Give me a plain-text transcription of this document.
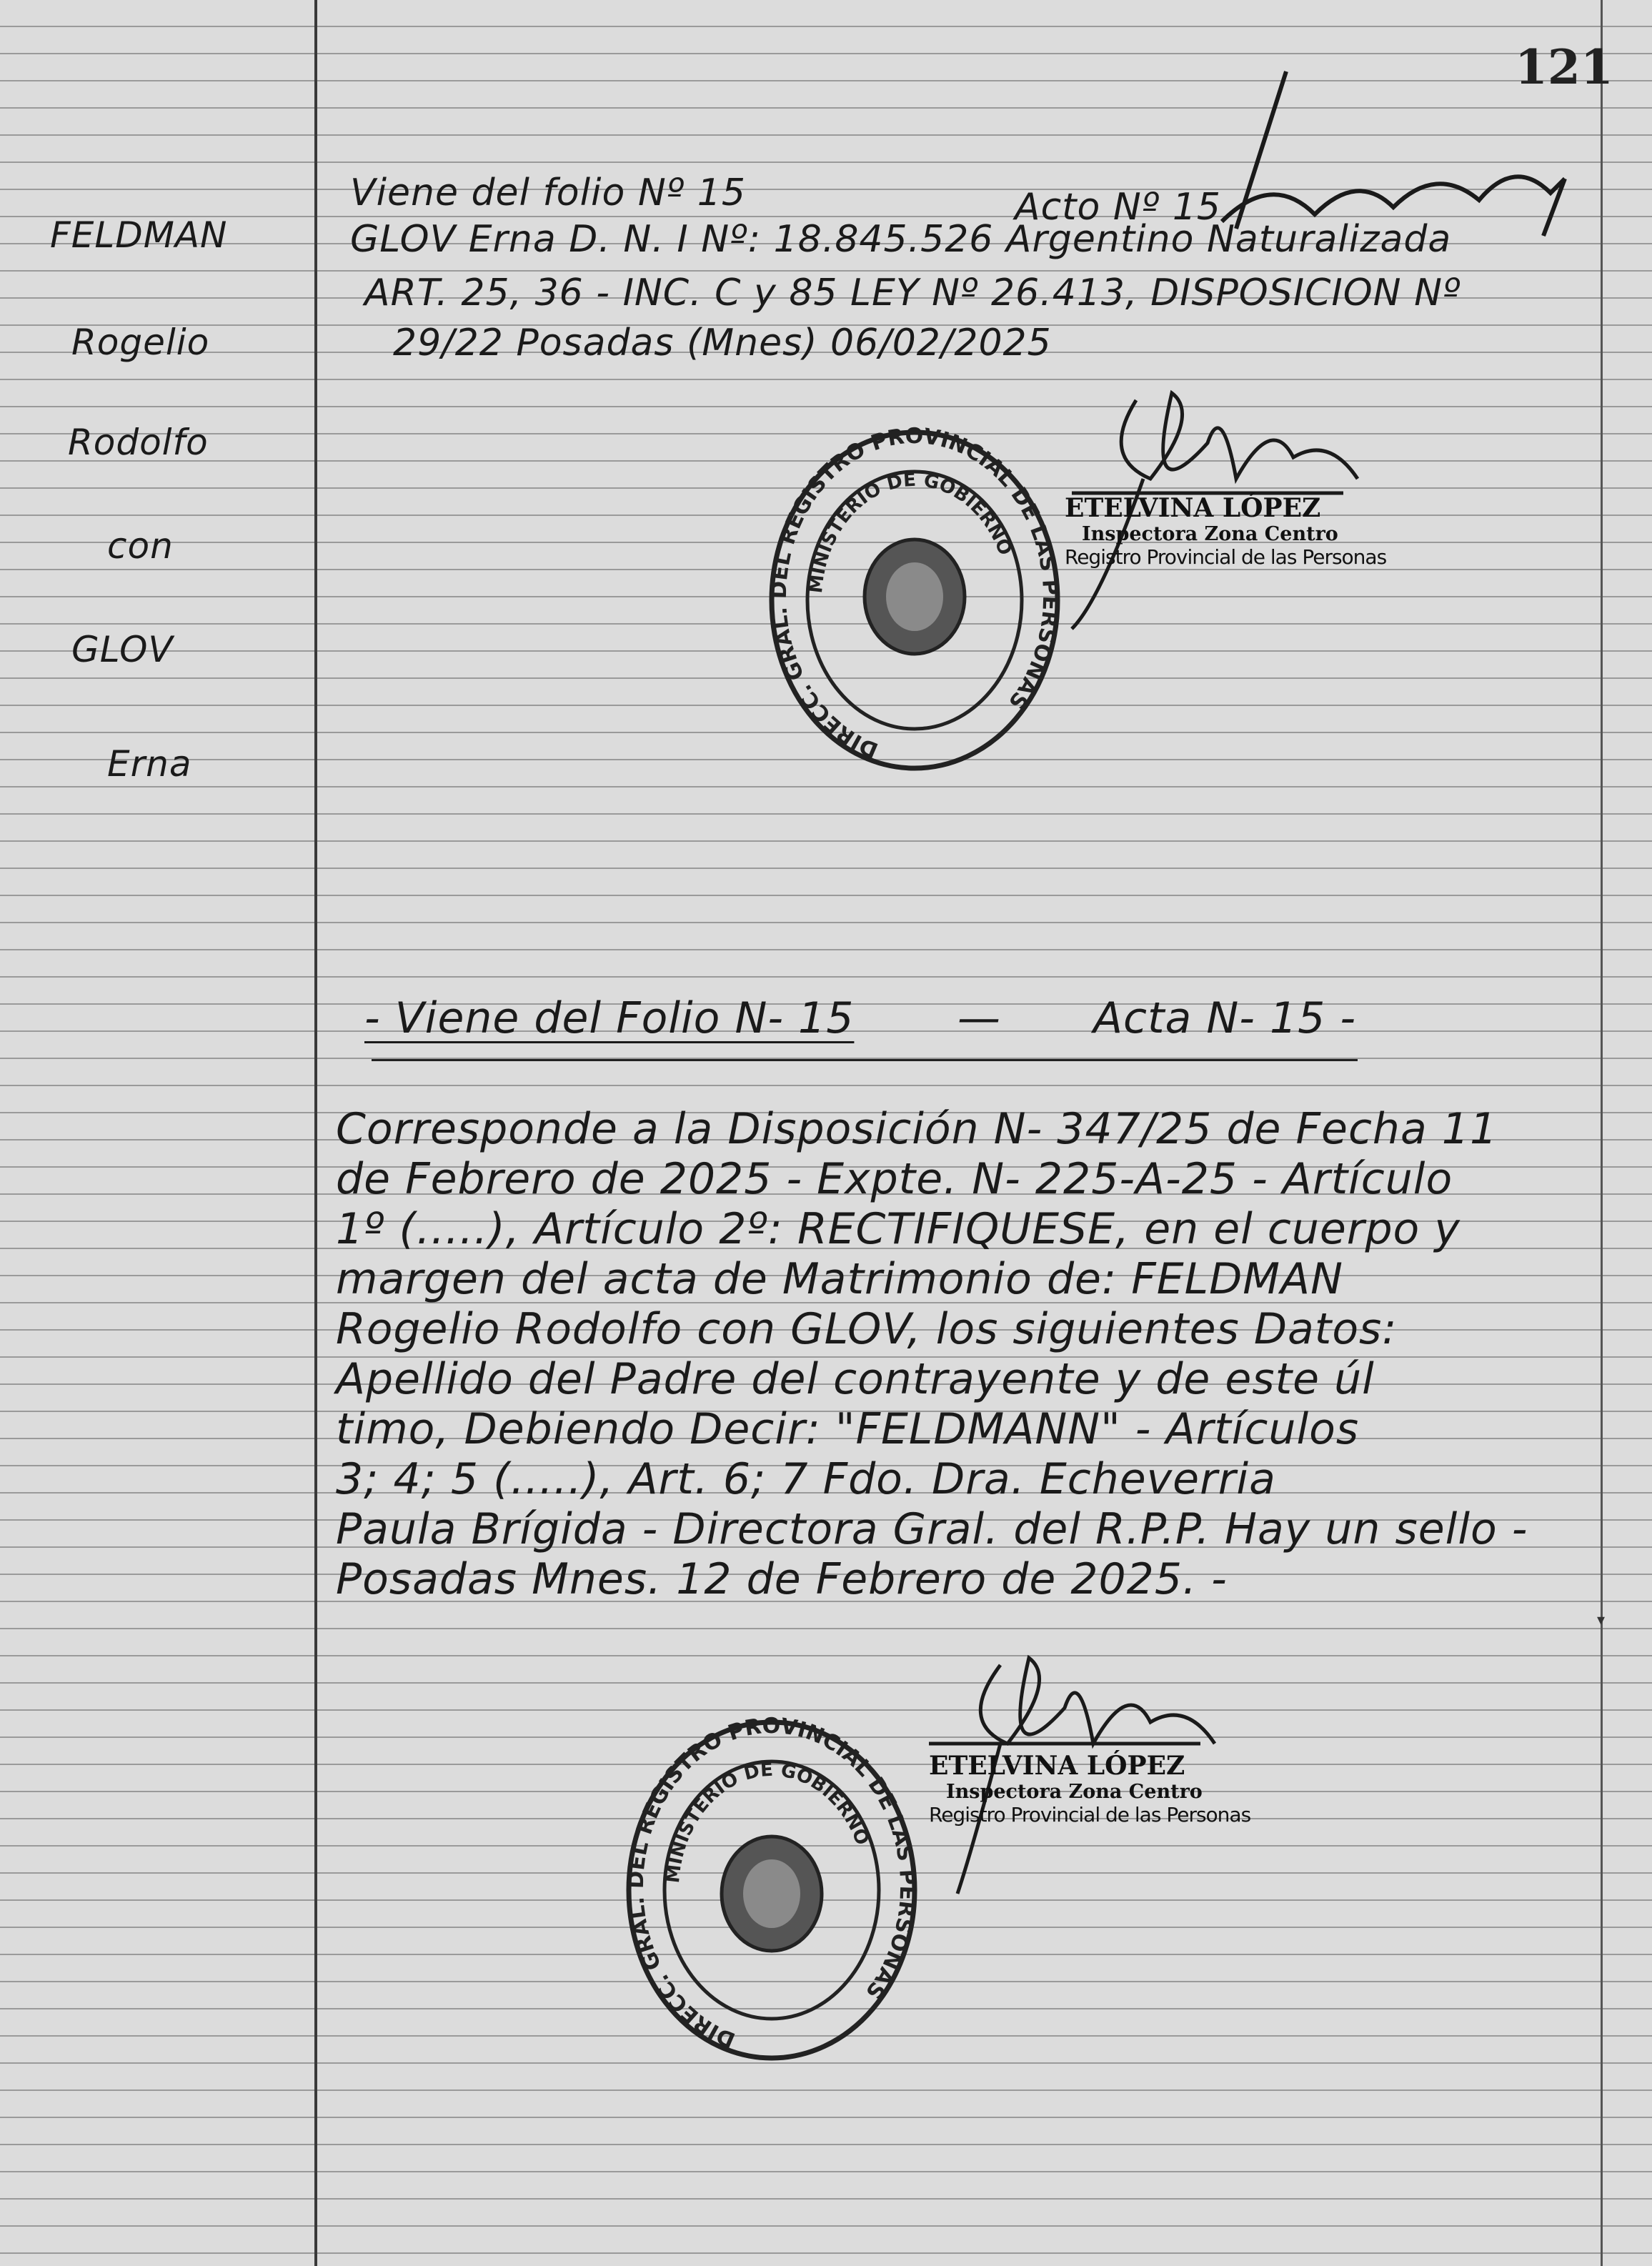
121
FELDMAN
Rogelio
Rodolfo
con
GLOV
Erna
Viene del folio Nº 15	Acto Nº 15
GLOV Erna D. N. I Nº: 18.845.526 Argentino Naturalizada
ART. 25, 36 - INC. C y 85 LEY Nº 26.413, DISPOSICION Nº
29/22 Posadas (Mnes) 06/02/2025
DIRECC. GRAL. DEL REGISTRO PROVINCIAL DE LAS PERSONAS
MINISTERIO DE GOBIERNO
ETELVINA LÓPEZ
Inspectora Zona Centro
Registro Provincial de las Personas
- Viene del Folio N- 15 — Acta N- 15 -
Corresponde a la Disposición N- 347/25 de Fecha 11
de Febrero de 2025 - Expte. N- 225-A-25 - Artículo
1º (.....), Artículo 2º: RECTIFIQUESE, en el cuerpo y
margen del acta de Matrimonio de: FELDMAN
Rogelio Rodolfo con GLOV, los siguientes Datos:
Apellido del Padre del contrayente y de este úl
timo, Debiendo Decir: "FELDMANN" - Artículos
3; 4; 5 (.....), Art. 6; 7 Fdo. Dra. Echeverria
Paula Brígida - Directora Gral. del R.P.P. Hay un sello -
Posadas Mnes. 12 de Febrero de 2025. -
DIRECC. GRAL. DEL REGISTRO PROVINCIAL DE LAS PERSONAS
MINISTERIO DE GOBIERNO
ETELVINA LÓPEZ
Inspectora Zona Centro
Registro Provincial de las Personas
▾
